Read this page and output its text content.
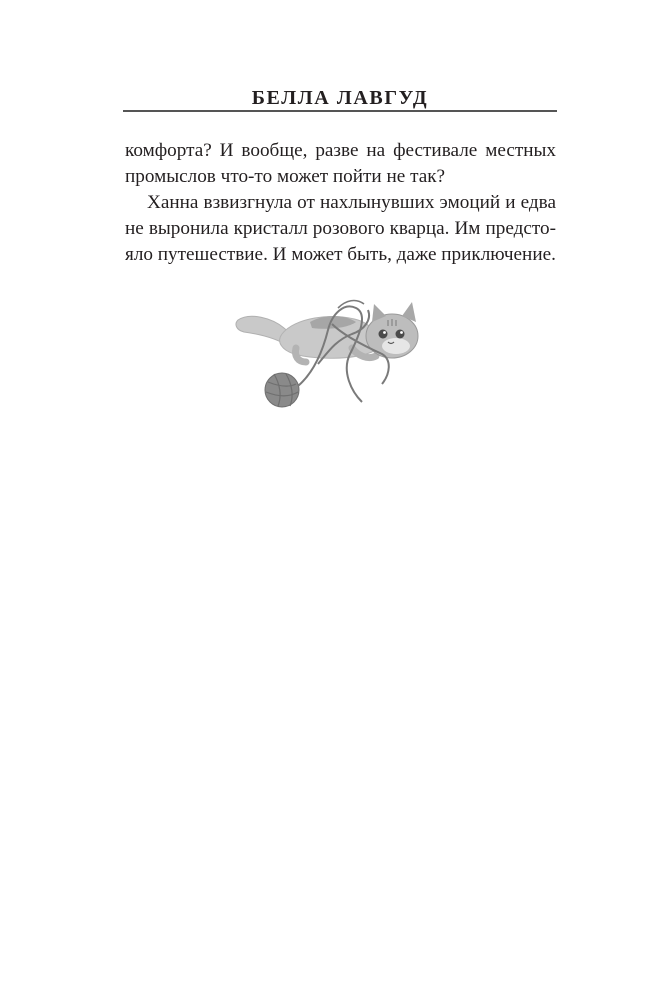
БЕЛЛА ЛАВГУД

комфорта? И вообще, разве на фестивале местных

промыслов что-то может пойти не так?

Ханна взвизгнула от нахлынувших эмоций и едва

не выронила кристалл розового кварца. Им предсто-

яло путешествие. И может быть, даже приключение.
